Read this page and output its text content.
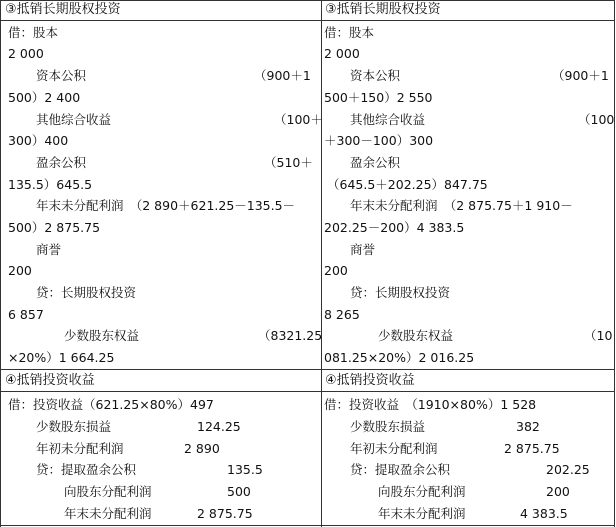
③抵销长期股权投资
借：股本
2 000
资本公积	（900＋1
500）2 400
其他综合收益	（100＋
300）400
盈余公积	（510＋
135.5）645.5
年末未分配利润　（2 890＋621.25－135.5－
500）2 875.75
商誉
200
贷：长期股权投资
6 857
少数股东权益	（8321.25
×20%）1 664.25
④抵销投资收益
借：投资收益（621.25×80%）497
少数股东损益	124.25
年初未分配利润	2 890
贷：提取盈余公积	135.5
向股东分配利润	500
年末未分配利润	2 875.75
③抵销长期股权投资
借：股本
2 000
资本公积	（900＋1
500＋150）2 550
其他综合收益	（100
＋300－100）300
盈余公积
（645.5＋202.25）847.75
年末未分配利润　（2 875.75＋1 910－
202.25－200）4 383.5
商誉
200
贷：长期股权投资
8 265
少数股东权益	（10
081.25×20%）2 016.25
④抵销投资收益
借：投资收益　（1910×80%）1 528
少数股东损益	382
年初未分配利润	2 875.75
贷：提取盈余公积	202.25
向股东分配利润	200
年末未分配利润	4 383.5
